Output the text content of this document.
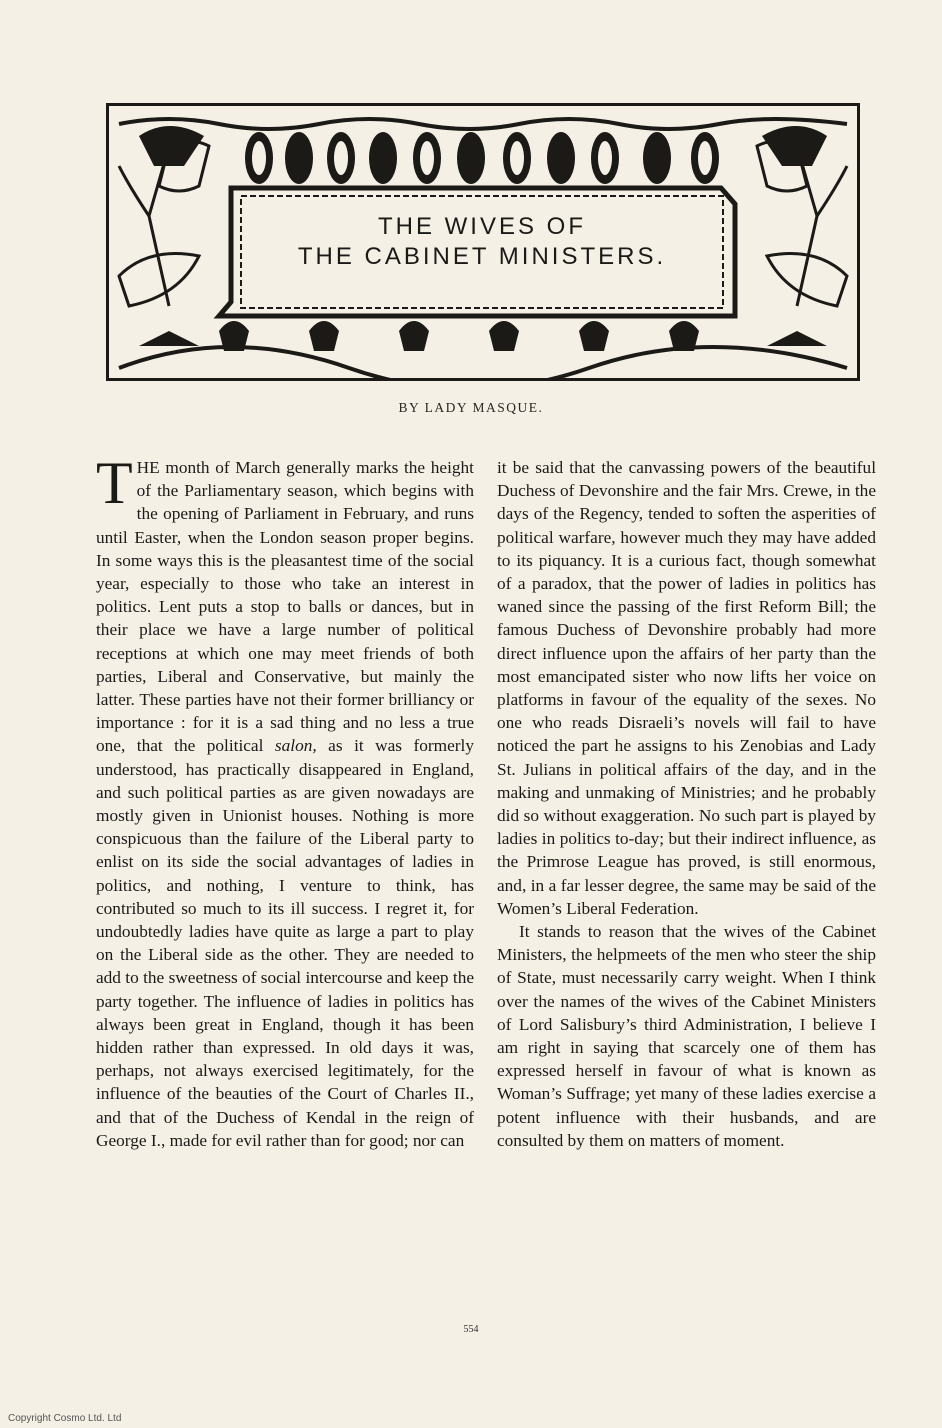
THE WIVES OF
THE CABINET MINISTERS.
BY LADY MASQUE.

THE month of March generally marks the height of the Parliamentary season, which begins with the opening of Parliament in February, and runs until Easter, when the London season proper begins. In some ways this is the pleasantest time of the social year, especially to those who take an interest in politics. Lent puts a stop to balls or dances, but in their place we have a large number of political receptions at which one may meet friends of both parties, Liberal and Conservative, but mainly the latter. These parties have not their former brilliancy or importance : for it is a sad thing and no less a true one, that the political salon, as it was formerly understood, has practically disappeared in England, and such political parties as are given nowadays are mostly given in Unionist houses. Nothing is more conspicuous than the failure of the Liberal party to enlist on its side the social advantages of ladies in politics, and nothing, I venture to think, has contributed so much to its ill success. I regret it, for undoubtedly ladies have quite as large a part to play on the Liberal side as the other. They are needed to add to the sweetness of social intercourse and keep the party together. The influence of ladies in politics has always been great in England, though it has been hidden rather than expressed. In old days it was, perhaps, not always exercised legitimately, for the influence of the beauties of the Court of Charles II., and that of the Duchess of Kendal in the reign of George I., made for evil rather than for good; nor can

it be said that the canvassing powers of the beautiful Duchess of Devonshire and the fair Mrs. Crewe, in the days of the Regency, tended to soften the asperities of political warfare, however much they may have added to its piquancy. It is a curious fact, though somewhat of a paradox, that the power of ladies in politics has waned since the passing of the first Reform Bill; the famous Duchess of Devonshire probably had more direct influence upon the affairs of her party than the most emancipated sister who now lifts her voice on platforms in favour of the equality of the sexes. No one who reads Disraeli’s novels will fail to have noticed the part he assigns to his Zenobias and Lady St. Julians in political affairs of the day, and in the making and unmaking of Ministries; and he probably did so without exaggeration. No such part is played by ladies in politics to-day; but their indirect influence, as the Primrose League has proved, is still enormous, and, in a far lesser degree, the same may be said of the Women’s Liberal Federation.

It stands to reason that the wives of the Cabinet Ministers, the helpmeets of the men who steer the ship of State, must necessarily carry weight. When I think over the names of the wives of the Cabinet Ministers of Lord Salisbury’s third Administration, I believe I am right in saying that scarcely one of them has expressed herself in favour of what is known as Woman’s Suffrage; yet many of these ladies exercise a potent influence with their husbands, and are consulted by them on matters of moment.

554
Copyright Cosmo Ltd. Ltd
